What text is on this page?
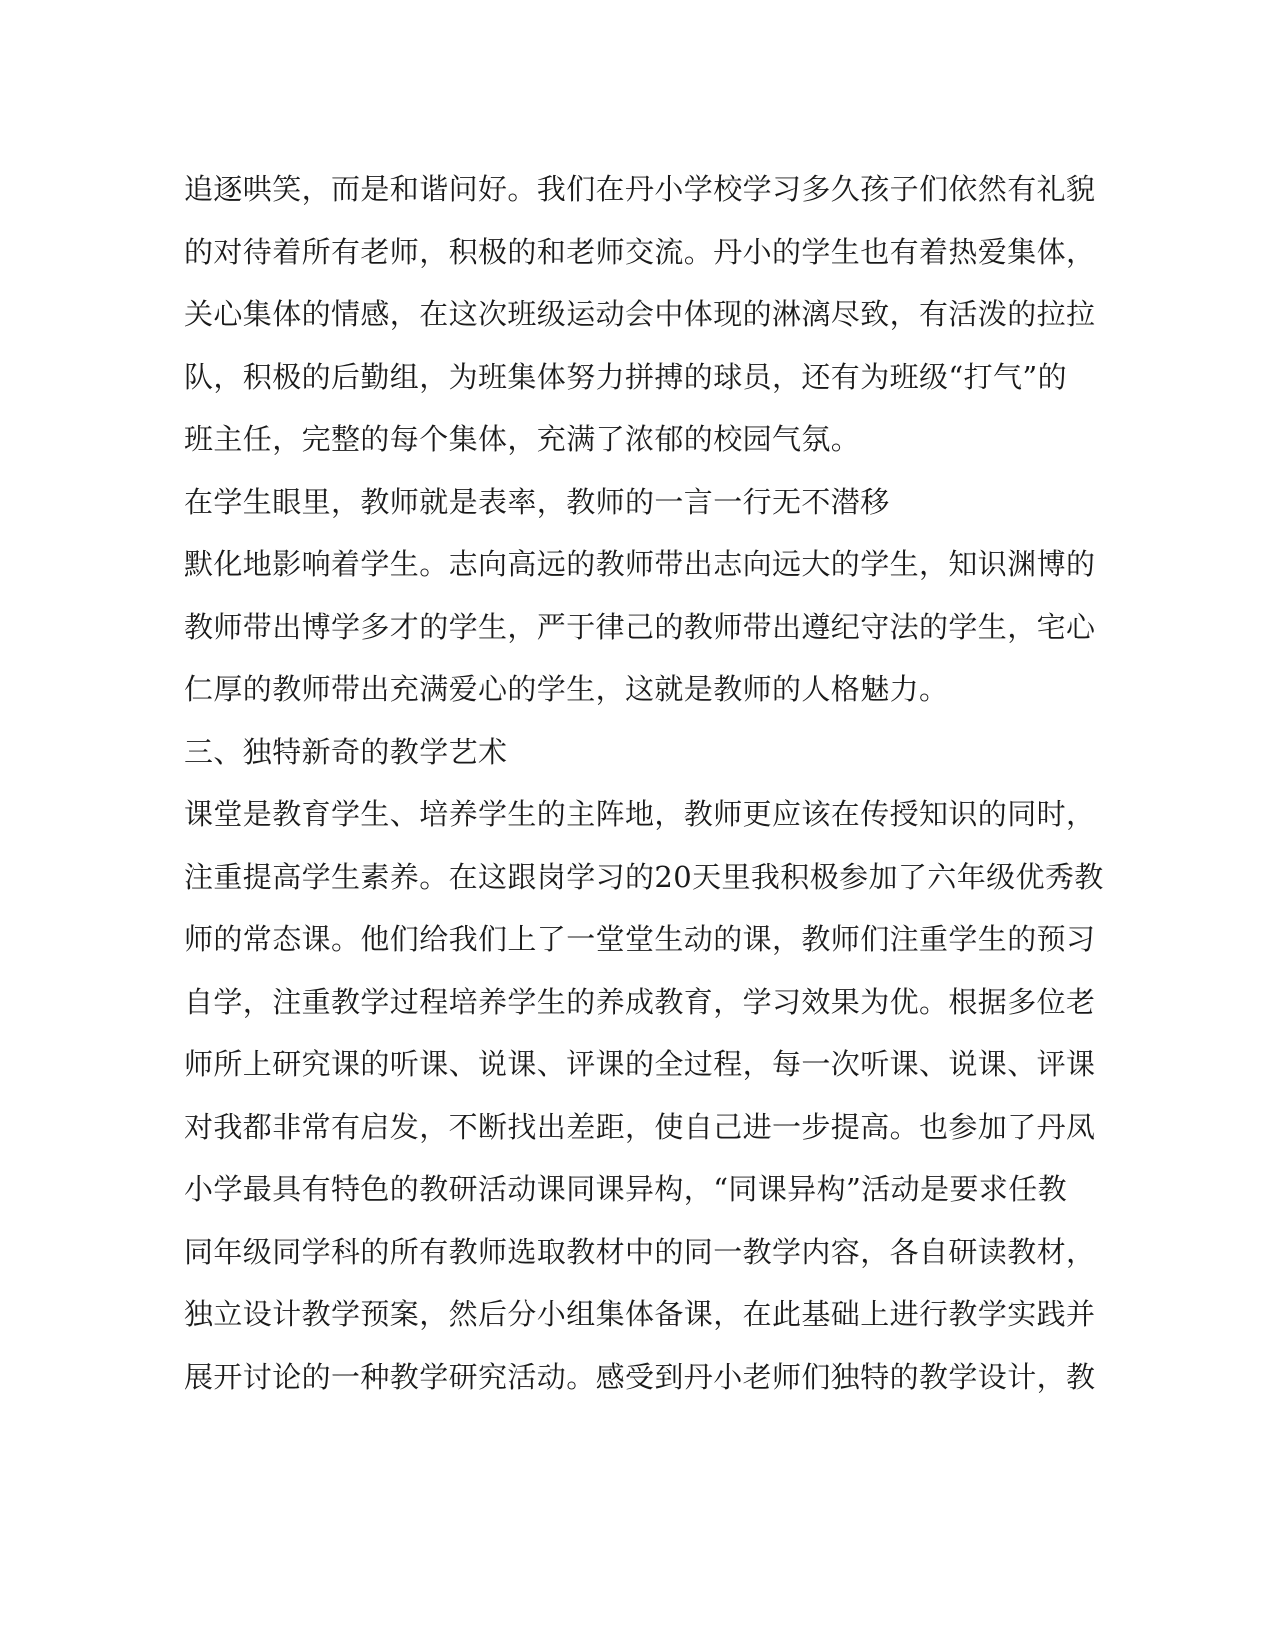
追逐哄笑，而是和谐问好。我们在丹小学校学习多久孩子们依然有礼貌
的对待着所有老师，积极的和老师交流。丹小的学生也有着热爱集体，
关心集体的情感，在这次班级运动会中体现的淋漓尽致，有活泼的拉拉
队，积极的后勤组，为班集体努力拼搏的球员，还有为班级“打气”的
班主任，完整的每个集体，充满了浓郁的校园气氛。
在学生眼里，教师就是表率，教师的一言一行无不潜移
默化地影响着学生。志向高远的教师带出志向远大的学生，知识渊博的
教师带出博学多才的学生，严于律己的教师带出遵纪守法的学生，宅心
仁厚的教师带出充满爱心的学生，这就是教师的人格魅力。
三、独特新奇的教学艺术
课堂是教育学生、培养学生的主阵地，教师更应该在传授知识的同时，
注重提高学生素养。在这跟岗学习的20天里我积极参加了六年级优秀教
师的常态课。他们给我们上了一堂堂生动的课，教师们注重学生的预习
自学，注重教学过程培养学生的养成教育，学习效果为优。根据多位老
师所上研究课的听课、说课、评课的全过程，每一次听课、说课、评课
对我都非常有启发，不断找出差距，使自己进一步提高。也参加了丹凤
小学最具有特色的教研活动课同课异构，“同课异构”活动是要求任教
同年级同学科的所有教师选取教材中的同一教学内容，各自研读教材，
独立设计教学预案，然后分小组集体备课，在此基础上进行教学实践并
展开讨论的一种教学研究活动。感受到丹小老师们独特的教学设计，教
